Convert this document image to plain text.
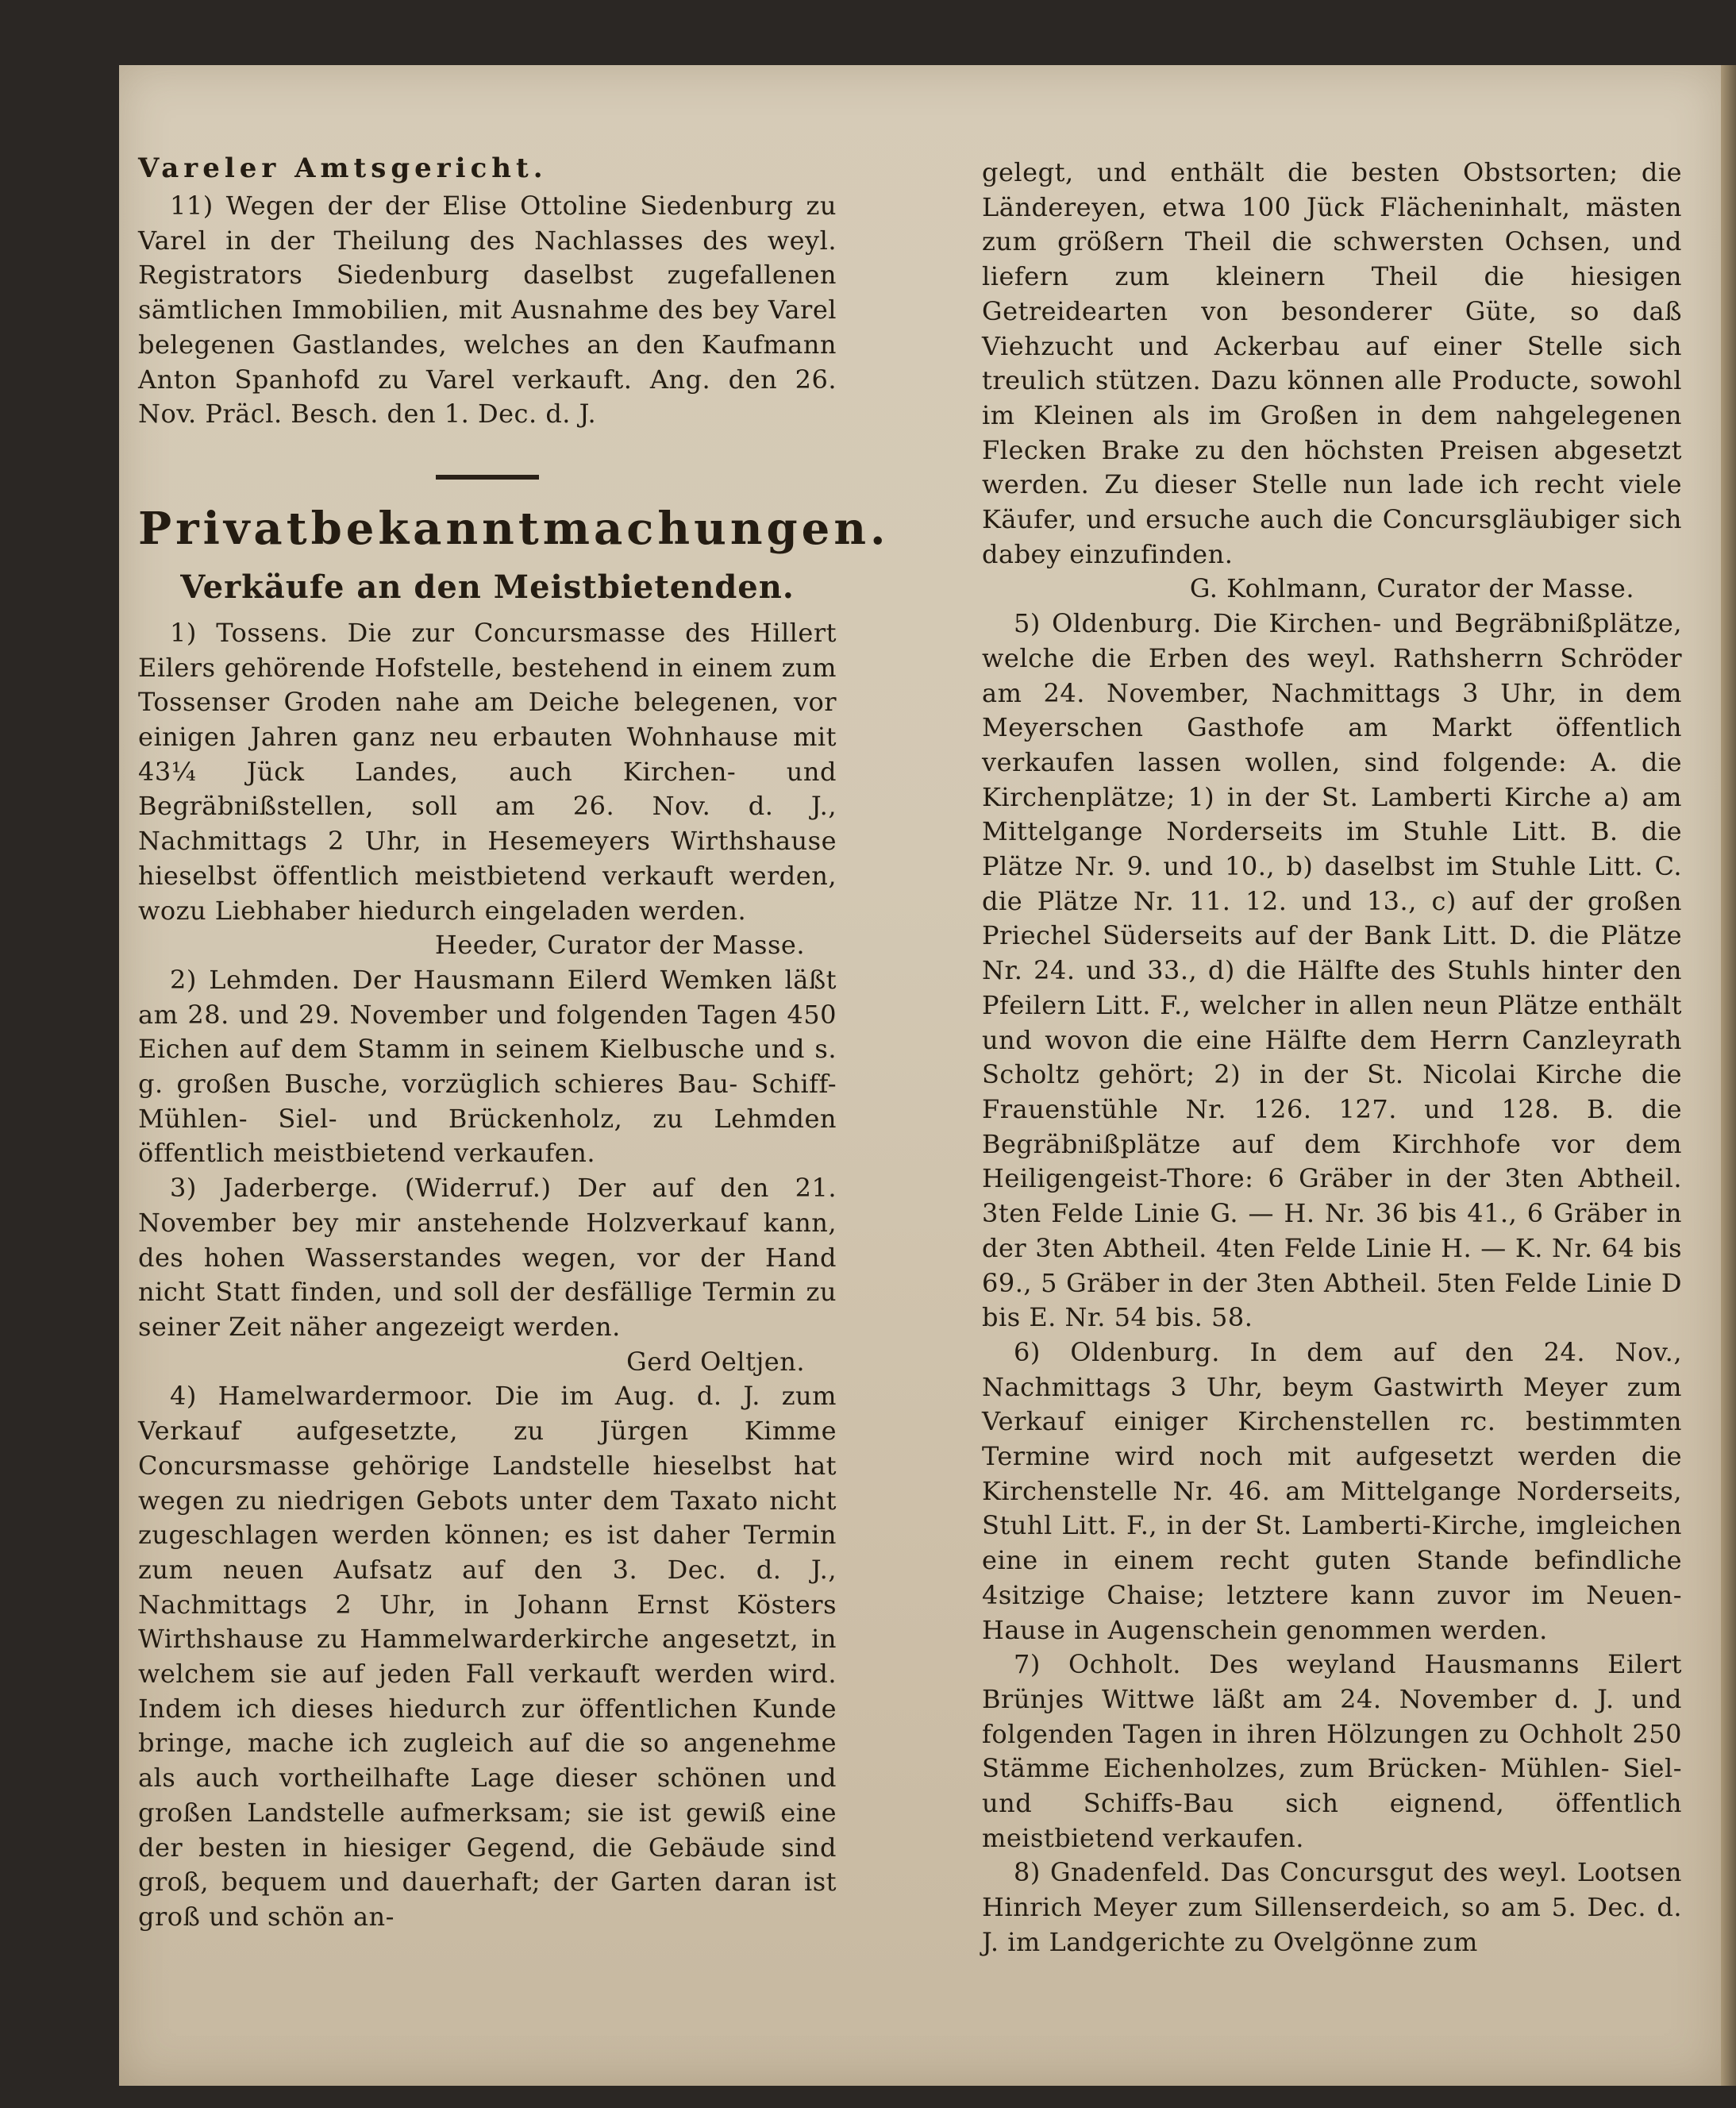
Vareler Amtsgericht.

11) Wegen der der Elise Ottoline Siedenburg zu Varel in der Theilung des Nachlasses des weyl. Registrators Siedenburg daselbst zugefallenen sämtlichen Immobilien, mit Ausnahme des bey Varel belegenen Gastlandes, welches an den Kaufmann Anton Spanhofd zu Varel verkauft. Ang. den 26. Nov. Präcl. Besch. den 1. Dec. d. J.

Privatbekanntmachungen.

Verkäufe an den Meistbietenden.

1) Tossens. Die zur Concursmasse des Hillert Eilers gehörende Hofstelle, bestehend in einem zum Tossenser Groden nahe am Deiche belegenen, vor einigen Jahren ganz neu erbauten Wohnhause mit 43¼ Jück Landes, auch Kirchen- und Begräbnißstellen, soll am 26. Nov. d. J., Nachmittags 2 Uhr, in Hesemeyers Wirthshause hieselbst öffentlich meistbietend verkauft werden, wozu Liebhaber hiedurch eingeladen werden.

Heeder, Curator der Masse.

2) Lehmden. Der Hausmann Eilerd Wemken läßt am 28. und 29. November und folgenden Tagen 450 Eichen auf dem Stamm in seinem Kielbusche und s. g. großen Busche, vorzüglich schieres Bau- Schiff- Mühlen- Siel- und Brückenholz, zu Lehmden öffentlich meistbietend verkaufen.

3) Jaderberge. (Widerruf.) Der auf den 21. November bey mir anstehende Holzverkauf kann, des hohen Wasserstandes wegen, vor der Hand nicht Statt finden, und soll der desfällige Termin zu seiner Zeit näher angezeigt werden.

Gerd Oeltjen.

4) Hamelwardermoor. Die im Aug. d. J. zum Verkauf aufgesetzte, zu Jürgen Kimme Concursmasse gehörige Landstelle hieselbst hat wegen zu niedrigen Gebots unter dem Taxato nicht zugeschlagen werden können; es ist daher Termin zum neuen Aufsatz auf den 3. Dec. d. J., Nachmittags 2 Uhr, in Johann Ernst Kösters Wirthshause zu Hammelwarderkirche angesetzt, in welchem sie auf jeden Fall verkauft werden wird. Indem ich dieses hiedurch zur öffentlichen Kunde bringe, mache ich zugleich auf die so angenehme als auch vortheilhafte Lage dieser schönen und großen Landstelle aufmerksam; sie ist gewiß eine der besten in hiesiger Gegend, die Gebäude sind groß, bequem und dauerhaft; der Garten daran ist groß und schön an-

gelegt, und enthält die besten Obstsorten; die Ländereyen, etwa 100 Jück Flächeninhalt, mästen zum größern Theil die schwersten Ochsen, und liefern zum kleinern Theil die hiesigen Getreidearten von besonderer Güte, so daß Viehzucht und Ackerbau auf einer Stelle sich treulich stützen. Dazu können alle Producte, sowohl im Kleinen als im Großen in dem nahgelegenen Flecken Brake zu den höchsten Preisen abgesetzt werden. Zu dieser Stelle nun lade ich recht viele Käufer, und ersuche auch die Concursgläubiger sich dabey einzufinden.

G. Kohlmann, Curator der Masse.

5) Oldenburg. Die Kirchen- und Begräbnißplätze, welche die Erben des weyl. Rathsherrn Schröder am 24. November, Nachmittags 3 Uhr, in dem Meyerschen Gasthofe am Markt öffentlich verkaufen lassen wollen, sind folgende: A. die Kirchenplätze; 1) in der St. Lamberti Kirche a) am Mittelgange Norderseits im Stuhle Litt. B. die Plätze Nr. 9. und 10., b) daselbst im Stuhle Litt. C. die Plätze Nr. 11. 12. und 13., c) auf der großen Priechel Süderseits auf der Bank Litt. D. die Plätze Nr. 24. und 33., d) die Hälfte des Stuhls hinter den Pfeilern Litt. F., welcher in allen neun Plätze enthält und wovon die eine Hälfte dem Herrn Canzleyrath Scholtz gehört; 2) in der St. Nicolai Kirche die Frauenstühle Nr. 126. 127. und 128. B. die Begräbnißplätze auf dem Kirchhofe vor dem Heiligengeist-Thore: 6 Gräber in der 3ten Abtheil. 3ten Felde Linie G. — H. Nr. 36 bis 41., 6 Gräber in der 3ten Abtheil. 4ten Felde Linie H. — K. Nr. 64 bis 69., 5 Gräber in der 3ten Abtheil. 5ten Felde Linie D bis E. Nr. 54 bis. 58.

6) Oldenburg. In dem auf den 24. Nov., Nachmittags 3 Uhr, beym Gastwirth Meyer zum Verkauf einiger Kirchenstellen rc. bestimmten Termine wird noch mit aufgesetzt werden die Kirchenstelle Nr. 46. am Mittelgange Norderseits, Stuhl Litt. F., in der St. Lamberti-Kirche, imgleichen eine in einem recht guten Stande befindliche 4sitzige Chaise; letztere kann zuvor im Neuen-Hause in Augenschein genommen werden.

7) Ochholt. Des weyland Hausmanns Eilert Brünjes Wittwe läßt am 24. November d. J. und folgenden Tagen in ihren Hölzungen zu Ochholt 250 Stämme Eichenholzes, zum Brücken- Mühlen- Siel- und Schiffs-Bau sich eignend, öffentlich meistbietend verkaufen.

8) Gnadenfeld. Das Concursgut des weyl. Lootsen Hinrich Meyer zum Sillenserdeich, so am 5. Dec. d. J. im Landgerichte zu Ovelgönne zum
